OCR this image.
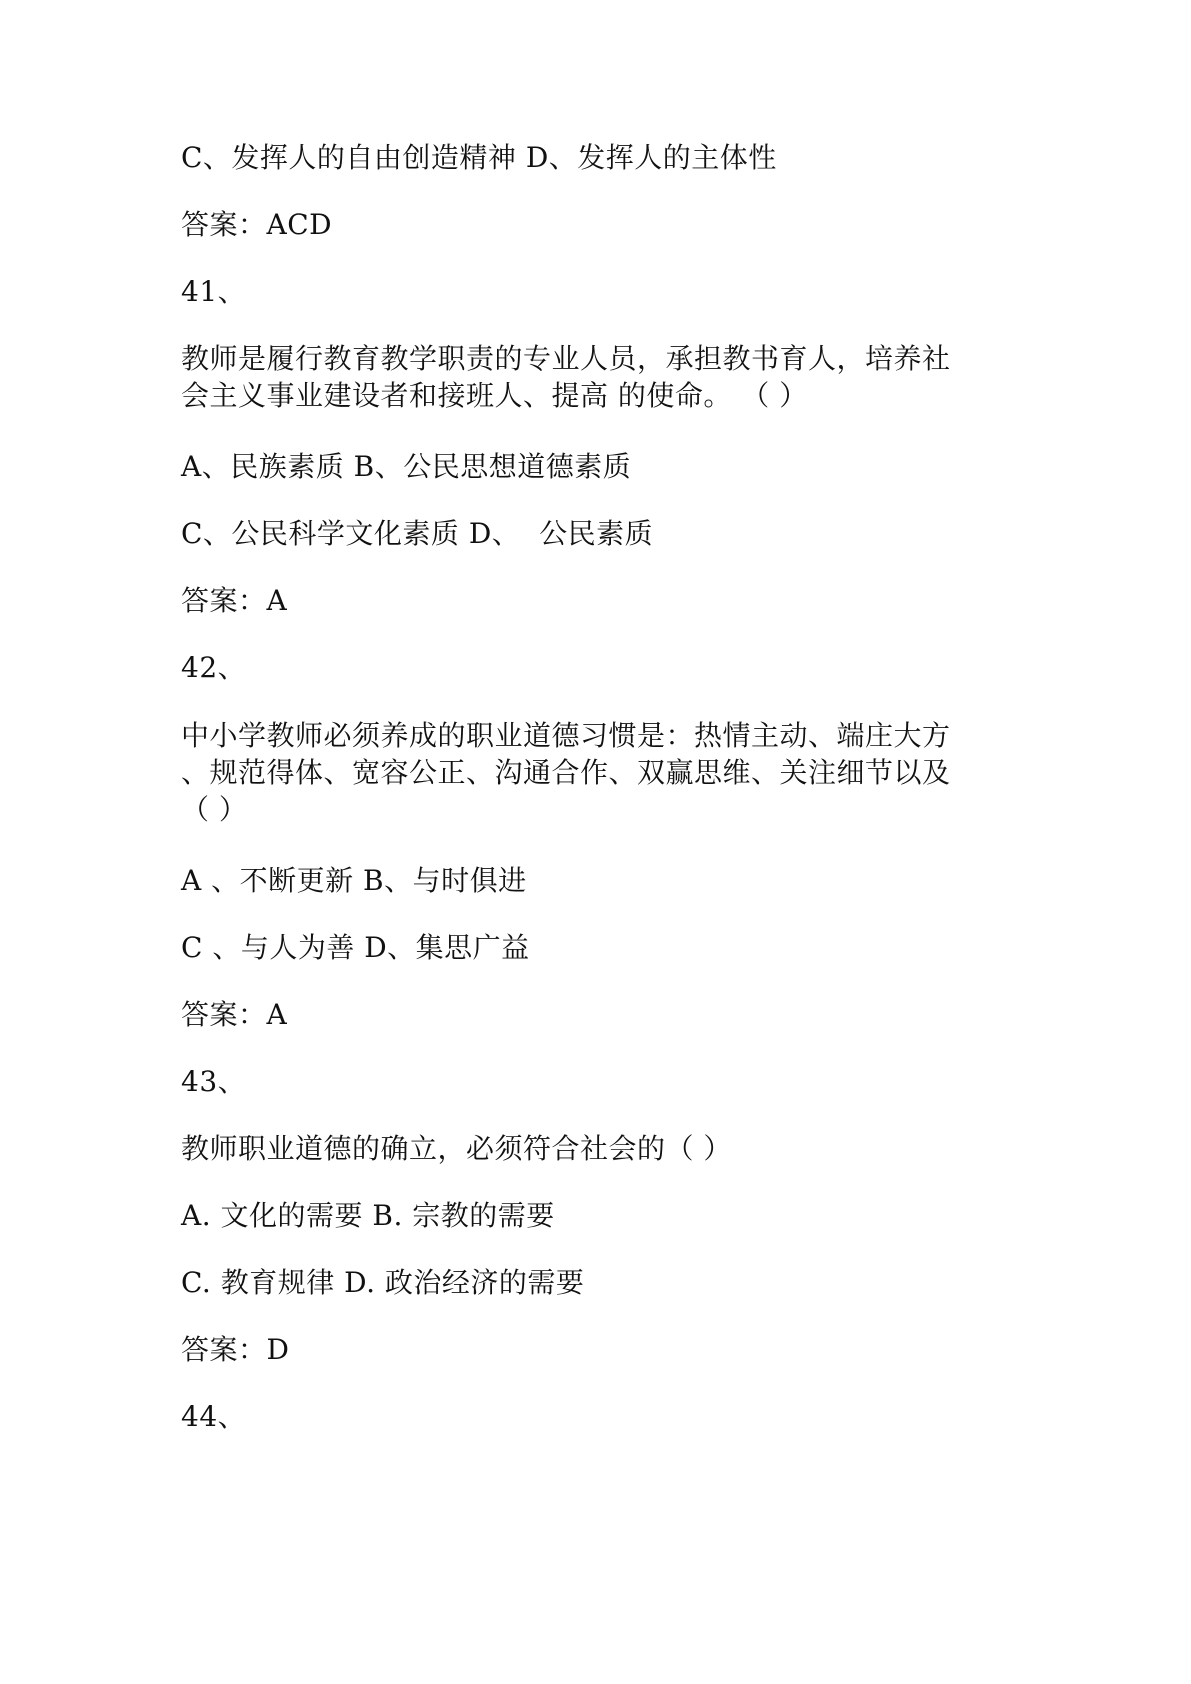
C、发挥人的自由创造精神 D、发挥人的主体性
答案：ACD
41、
教师是履行教育教学职责的专业人员，承担教书育人，培养社
会主义事业建设者和接班人、提高 的使命。 （ ）
A、民族素质 B、公民思想道德素质
C、公民科学文化素质 D、  公民素质
答案：A
42、
中小学教师必须养成的职业道德习惯是：热情主动、端庄大方
、规范得体、宽容公正、沟通合作、双赢思维、关注细节以及
（ ）
A 、不断更新 B、与时俱进
C 、与人为善 D、集思广益
答案：A
43、
教师职业道德的确立，必须符合社会的（ ）
A. 文化的需要 B. 宗教的需要
C. 教育规律 D. 政治经济的需要
答案：D
44、
